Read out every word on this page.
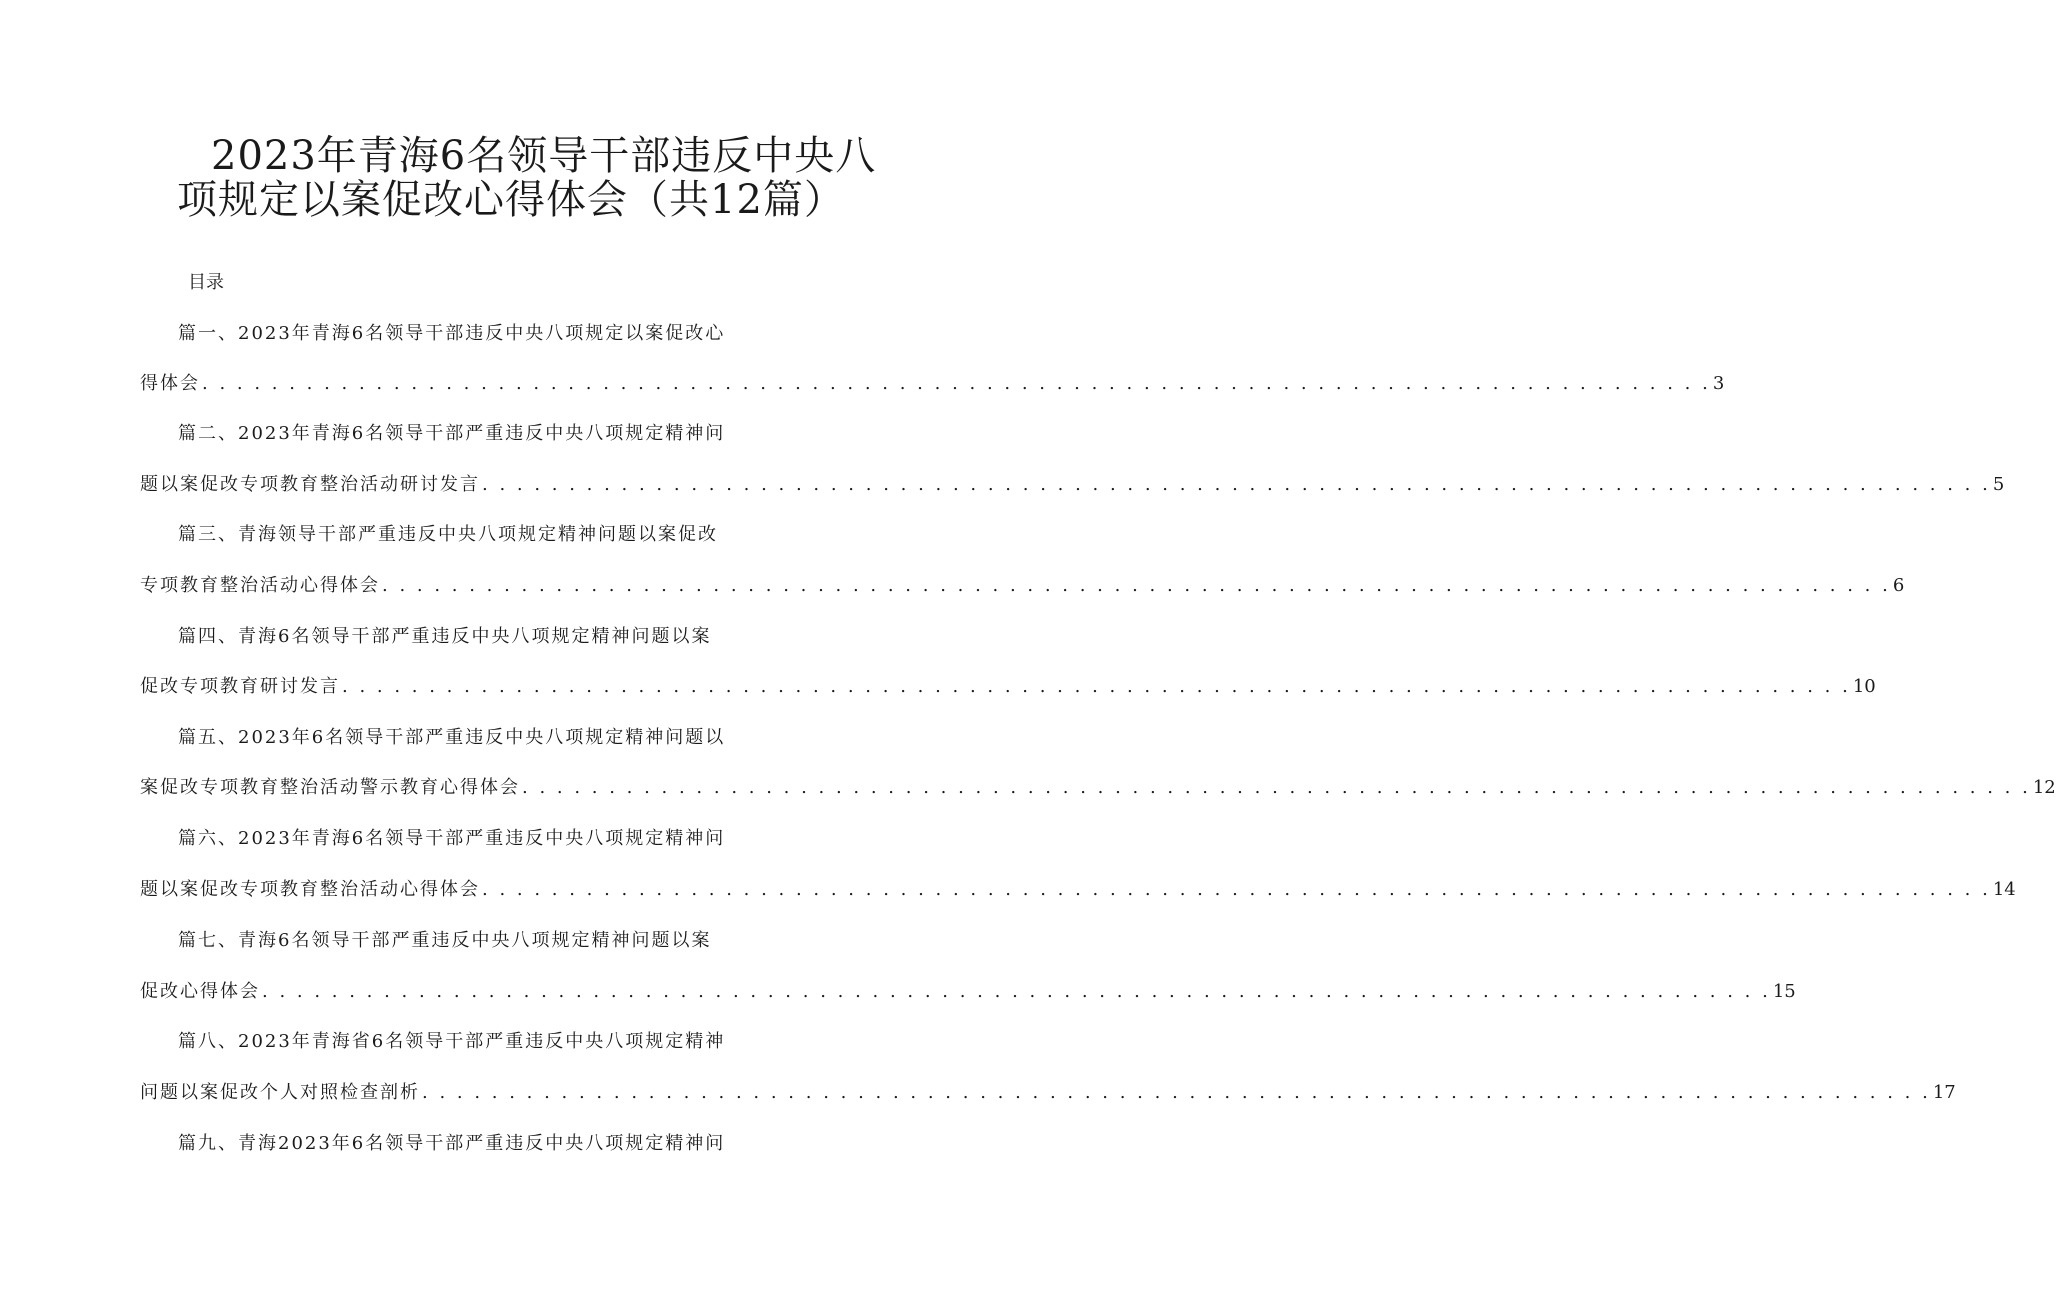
2023年青海6名领导干部违反中央八
项规定以案促改心得体会（共12篇）
目录
篇一、2023年青海6名领导干部违反中央八项规定以案促改心
得体会 . . . . . . . . . . . . . . . . . . . . . . . . . . . . . . . . . . . . . . . . . . . . . . . . . . . . . . . . . . . . . . . . . . . . . . . . . . . . . . . . . . . . . . . 3
篇二、2023年青海6名领导干部严重违反中央八项规定精神问
题以案促改专项教育整治活动研讨发言 . . . . . . . . . . . . . . . . . . . . . . . . . . . . . . . . . . . . . . . . . . . . . . . . . . . . . . . . . . . . . . . . . . . . . . . . . . . . . . . . . . . . . . . 5
篇三、青海领导干部严重违反中央八项规定精神问题以案促改
专项教育整治活动心得体会 . . . . . . . . . . . . . . . . . . . . . . . . . . . . . . . . . . . . . . . . . . . . . . . . . . . . . . . . . . . . . . . . . . . . . . . . . . . . . . . . . . . . . . . 6
篇四、青海6名领导干部严重违反中央八项规定精神问题以案
促改专项教育研讨发言 . . . . . . . . . . . . . . . . . . . . . . . . . . . . . . . . . . . . . . . . . . . . . . . . . . . . . . . . . . . . . . . . . . . . . . . . . . . . . . . . . . . . . . . 10
篇五、2023年6名领导干部严重违反中央八项规定精神问题以
案促改专项教育整治活动警示教育心得体会 . . . . . . . . . . . . . . . . . . . . . . . . . . . . . . . . . . . . . . . . . . . . . . . . . . . . . . . . . . . . . . . . . . . . . . . . . . . . . . . . . . . . . . . 12
篇六、2023年青海6名领导干部严重违反中央八项规定精神问
题以案促改专项教育整治活动心得体会 . . . . . . . . . . . . . . . . . . . . . . . . . . . . . . . . . . . . . . . . . . . . . . . . . . . . . . . . . . . . . . . . . . . . . . . . . . . . . . . . . . . . . . . 14
篇七、青海6名领导干部严重违反中央八项规定精神问题以案
促改心得体会 . . . . . . . . . . . . . . . . . . . . . . . . . . . . . . . . . . . . . . . . . . . . . . . . . . . . . . . . . . . . . . . . . . . . . . . . . . . . . . . . . . . . . . . 15
篇八、2023年青海省6名领导干部严重违反中央八项规定精神
问题以案促改个人对照检查剖析 . . . . . . . . . . . . . . . . . . . . . . . . . . . . . . . . . . . . . . . . . . . . . . . . . . . . . . . . . . . . . . . . . . . . . . . . . . . . . . . . . . . . . . . 17
篇九、青海2023年6名领导干部严重违反中央八项规定精神问
